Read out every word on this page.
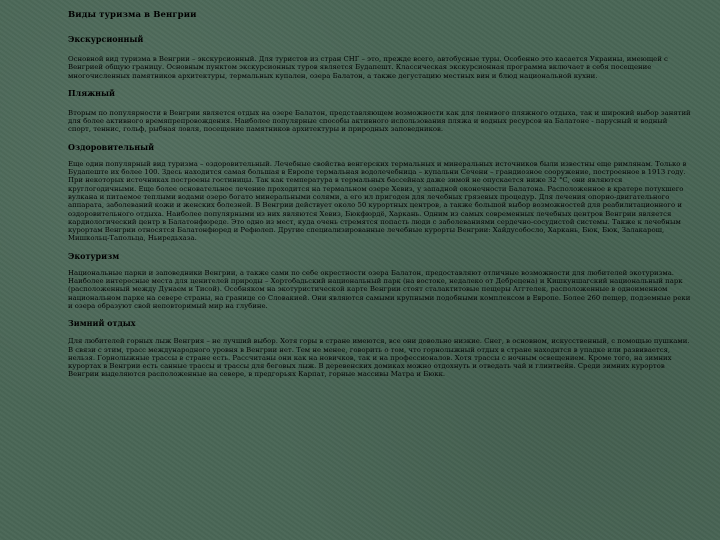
Виды туризма в Венгрии
Экскурсионный

Основной вид туризма в Венгрии – экскурсионный. Для туристов из стран СНГ – это, прежде всего, автобусные туры. Особенно это касается Украины, имеющей с Венгрией общую границу. Основным пунктом экскурсионных туров является Будапешт. Классическая экскурсионная программа включает в себя посещение многочисленных памятников архитектуры, термальных купален, озера Балатон, а также дегустацию местных вин и блюд национальной кухни.

Пляжный

Вторым по популярности в Венгрии является отдых на озере Балатон, представляющем возможности как для ленивого пляжного отдыха, так и широкий выбор занятий для более активного времяпрепровождения. Наиболее популярные способы активного использования пляжа и водных ресурсов на Балатоне - парусный и водный спорт, теннис, гольф, рыбная ловля, посещение памятников архитектуры и природных заповедников.

Оздоровительный

Еще один популярный вид туризма – оздоровительный. Лечебные свойства венгерских термальных и минеральных источников были известны еще римлянам. Только в Будапеште их более 100. Здесь находится самая большая в Европе термальная водолечебница – купальни Сечени – грандиозное сооружение, построенное в 1913 году. При некоторых источниках построены гостиницы. Так как температура в термальных бассейнах даже зимой не опускается ниже 32 °C, они являются круглогодичными. Еще более основательное лечение проходится на термальном озере Хевиз, у западной оконечности Балатона. Расположенное в кратере потухшего вулкана и питаемое теплыми водами озеро богато минеральными солями, а его ил пригоден для лечебных грязевых процедур. Для лечения опорно-двигательного аппарата, заболеваний кожи и женских болезней. В Венгрии действует около 50 курортных центров, а также большой выбор возможностей для реабилитационного и оздоровительного отдыха. Наиболее популярными из них являются Хевиз, Бюкфюрдё, Харкань. Одним из самых современных лечебных центров Венгрии является кардиологический центр в Балатонфюреде. Это одно из мест, куда очень стремятся попасть люди с заболеваниями сердечно-сосудистой системы. Также к лечебным курортам Венгрии относятся Балатонфюред и Рефюлеп. Другие специализированные лечебные курорты Венгрии: Хайдусобосло, Харкань, Бюк, Бюк, Залакарош, Мишкольц-Тапольца, Ньиредьхаза.

Экотуризм

Национальные парки и заповедники Венгрии, а также сами по себе окрестности озера Балатон, предоставляют отличные возможности для любителей экотуризма. Наиболее интересные места для ценителей природы – Хортобадьский национальный парк (на востоке, недалеко от Дебрецена) и Кишкуншагский национальный парк (расположенный между Дунаем и Тисой). Особняком на экотуристической карте Венгрии стоят сталактитовые пещеры Аггтелек, расположенные в одноименном национальном парке на севере страны, на границе со Словакией. Они являются самыми крупными подобными комплексом в Европе. Более 260 пещер, подземные реки и озера образуют свой неповторимый мир на глубине.

Зимний отдых

Для любителей горных лыж Венгрия – не лучший выбор. Хотя горы в стране имеются, все они довольно низкие. Снег, в основном, искусственный, с помощью пушками. В связи с этим, трасс международного уровня в Венгрии нет. Тем не менее, говорить о том, что горнолыжный отдых в стране находится в упадке или развивается, нельзя. Горнолыжные трассы в стране есть. Рассчитаны они как на новичков, так и на профессионалов. Хотя трассы с ночным освещением. Кроме того, на зимних курортах в Венгрии есть санные трассы и трассы для беговых лыж. В деревенских домиках можно отдохнуть и отведать чай и глинтвейн. Среди зимних курортов Венгрии выделяются расположенные на севере, в предгорьях Карпат, горные массивы Матра и Бюкк.
